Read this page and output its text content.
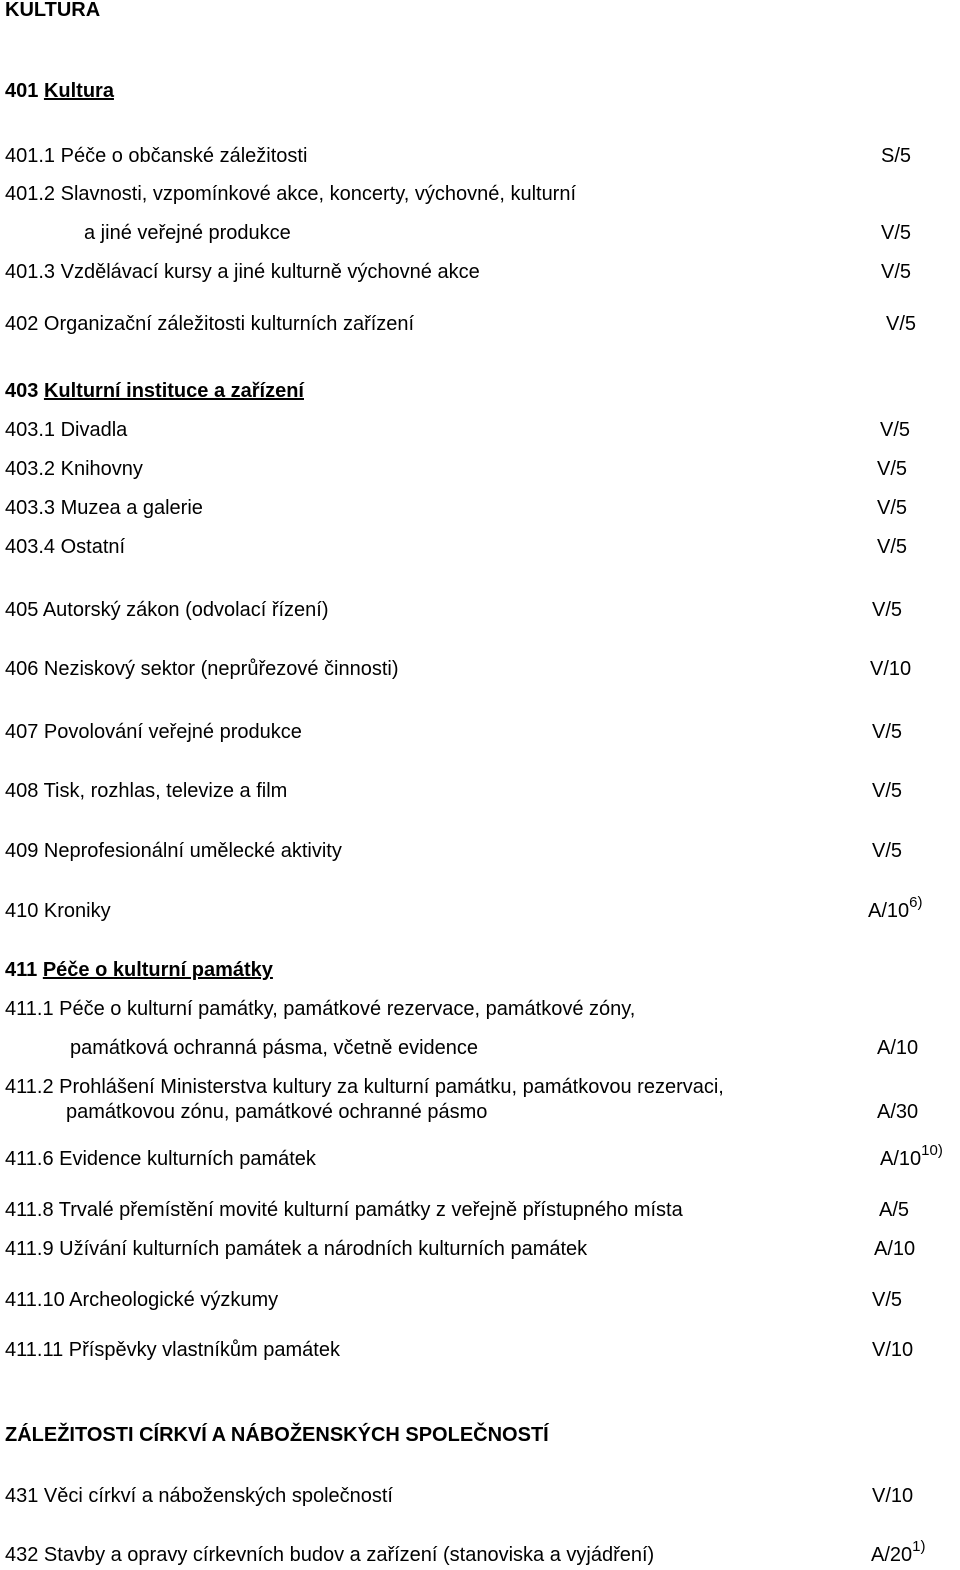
KULTURA
401 Kultura
401.1 Péče o občanské záležitosti	S/5
401.2 Slavnosti, vzpomínkové akce, koncerty, výchovné, kulturní
a jiné veřejné produkce	V/5
401.3 Vzdělávací kursy a jiné kulturně výchovné akce	V/5
402 Organizační záležitosti kulturních zařízení	V/5
403 Kulturní instituce a zařízení
403.1 Divadla	V/5
403.2 Knihovny	V/5
403.3 Muzea a galerie	V/5
403.4 Ostatní	V/5
405 Autorský zákon (odvolací řízení)	V/5
406 Neziskový sektor (neprůřezové činnosti)	V/10
407 Povolování veřejné produkce	V/5
408 Tisk, rozhlas, televize a film	V/5
409 Neprofesionální umělecké aktivity	V/5
410 Kroniky	A/10$^{6)}$
411 Péče o kulturní památky
411.1 Péče o kulturní památky, památkové rezervace, památkové zóny,
památková ochranná pásma, včetně evidence	A/10
411.2 Prohlášení Ministerstva kultury za kulturní památku, památkovou rezervaci,
památkovou zónu, památkové ochranné pásmo	A/30
411.6 Evidence kulturních památek	A/10$^{10)}$
411.8 Trvalé přemístění movité kulturní památky z veřejně přístupného místa	A/5
411.9 Užívání kulturních památek a národních kulturních památek	A/10
411.10 Archeologické výzkumy	V/5
411.11 Příspěvky vlastníkům památek	V/10
ZÁLEŽITOSTI CÍRKVÍ A NÁBOŽENSKÝCH SPOLEČNOSTÍ
431 Věci církví a náboženských společností	V/10
432 Stavby a opravy církevních budov a zařízení (stanoviska a vyjádření)	A/20$^{1)}$
